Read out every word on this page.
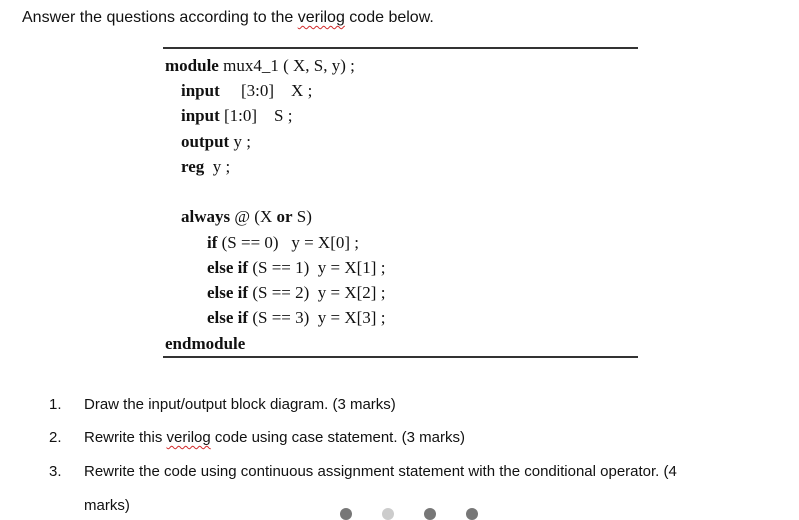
Answer the questions according to the verilog code below.
module mux4_1 ( X, S, y) ;
input     [3:0]    X ;
input [1:0]    S ;
output y ;
reg  y ;
always @ (X or S)
if (S == 0)   y = X[0] ;
else if (S == 1)  y = X[1] ;
else if (S == 2)  y = X[2] ;
else if (S == 3)  y = X[3] ;
endmodule
1. Draw the input/output block diagram. (3 marks)
2. Rewrite this verilog code using case statement. (3 marks)
3. Rewrite the code using continuous assignment statement with the conditional operator. (4
marks)
